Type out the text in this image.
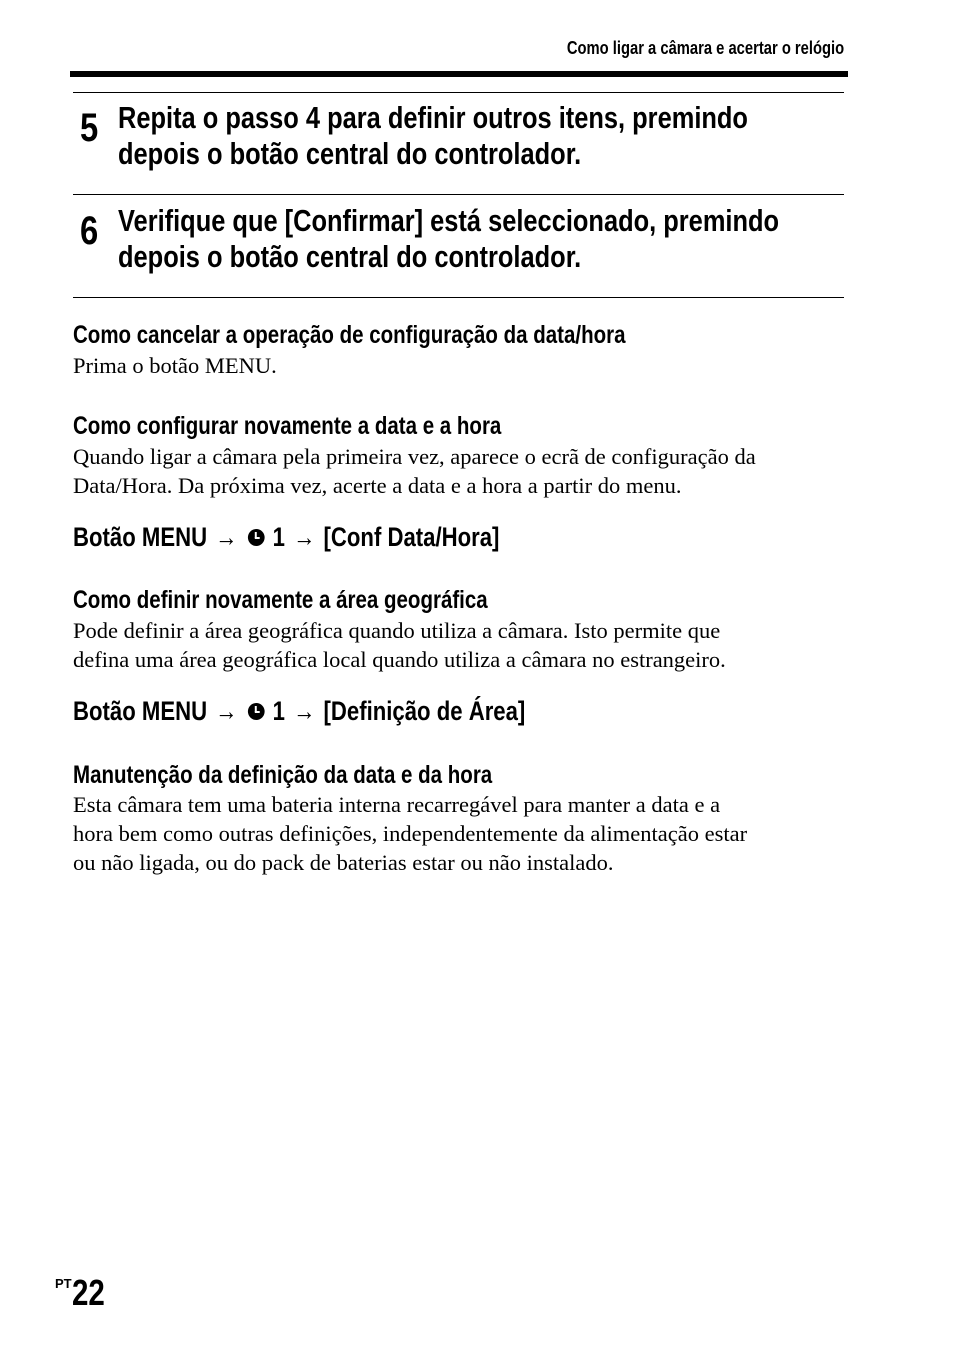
Como ligar a câmara e acertar o relógio
5 Repita o passo 4 para definir outros itens, premindo
depois o botão central do controlador.
6 Verifique que [Confirmar] está seleccionado, premindo
depois o botão central do controlador.
Como cancelar a operação de configuração da data/hora
Prima o botão MENU.
Como configurar novamente a data e a hora
Quando ligar a câmara pela primeira vez, aparece o ecrã de configuração da
Data/Hora. Da próxima vez, acerte a data e a hora a partir do menu.
Botão MENU → 1 → [Conf Data/Hora]
Como definir novamente a área geográfica
Pode definir a área geográfica quando utiliza a câmara. Isto permite que
defina uma área geográfica local quando utiliza a câmara no estrangeiro.
Botão MENU → 1 → [Definição de Área]
Manutenção da definição da data e da hora
Esta câmara tem uma bateria interna recarregável para manter a data e a
hora bem como outras definições, independentemente da alimentação estar
ou não ligada, ou do pack de baterias estar ou não instalado.
$^{PT}$22
